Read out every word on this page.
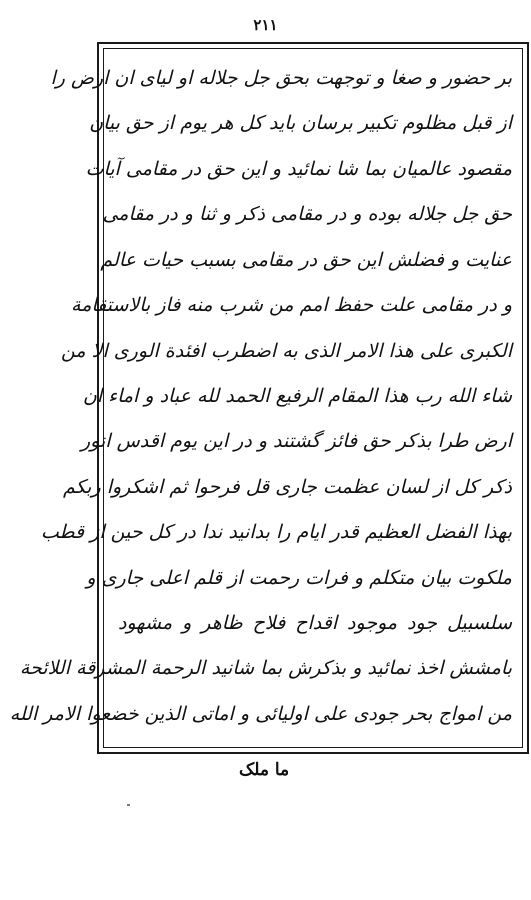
۲۱۱
بر حضور و صغا و توجهت بحق جل جلاله او لیای ان ارض را
از قبل مظلوم تکبیر برسان باید کل هر یوم از حق بیان
مقصود عالمیان بما شا نمائید و این حق در مقامی آیات
حق جل جلاله بوده و در مقامی ذکر و ثنا و در مقامی
عنایت و فضلش این حق در مقامی بسبب حیات عالم
و در مقامی علت حفظ امم من شرب منه فاز بالاستقامة
الکبری علی هذا الامر الذی به اضطرب افئدة الوری الا من
شاء الله رب هذا المقام الرفیع الحمد لله عباد و اماء ان
ارض طرا بذکر حق فائز گشتند و در این یوم اقدس انور
ذکر کل از لسان عظمت جاری قل فرحوا ثم اشکروا ربکم
بهذا الفضل العظیم قدر ایام را بدانید ندا در کل حین از قطب
ملکوت بیان متکلم و فرات رحمت از قلم اعلی جاری و
سلسبیل جود موجود اقداح فلاح ظاهر و مشهود
بامشش اخذ نمائید و بذکرش بما شانید الرحمة المشرقة اللائحة
من امواج بحر جودی علی اولیائی و اماتی الذین خضعوا الامر الله
ما ملک
